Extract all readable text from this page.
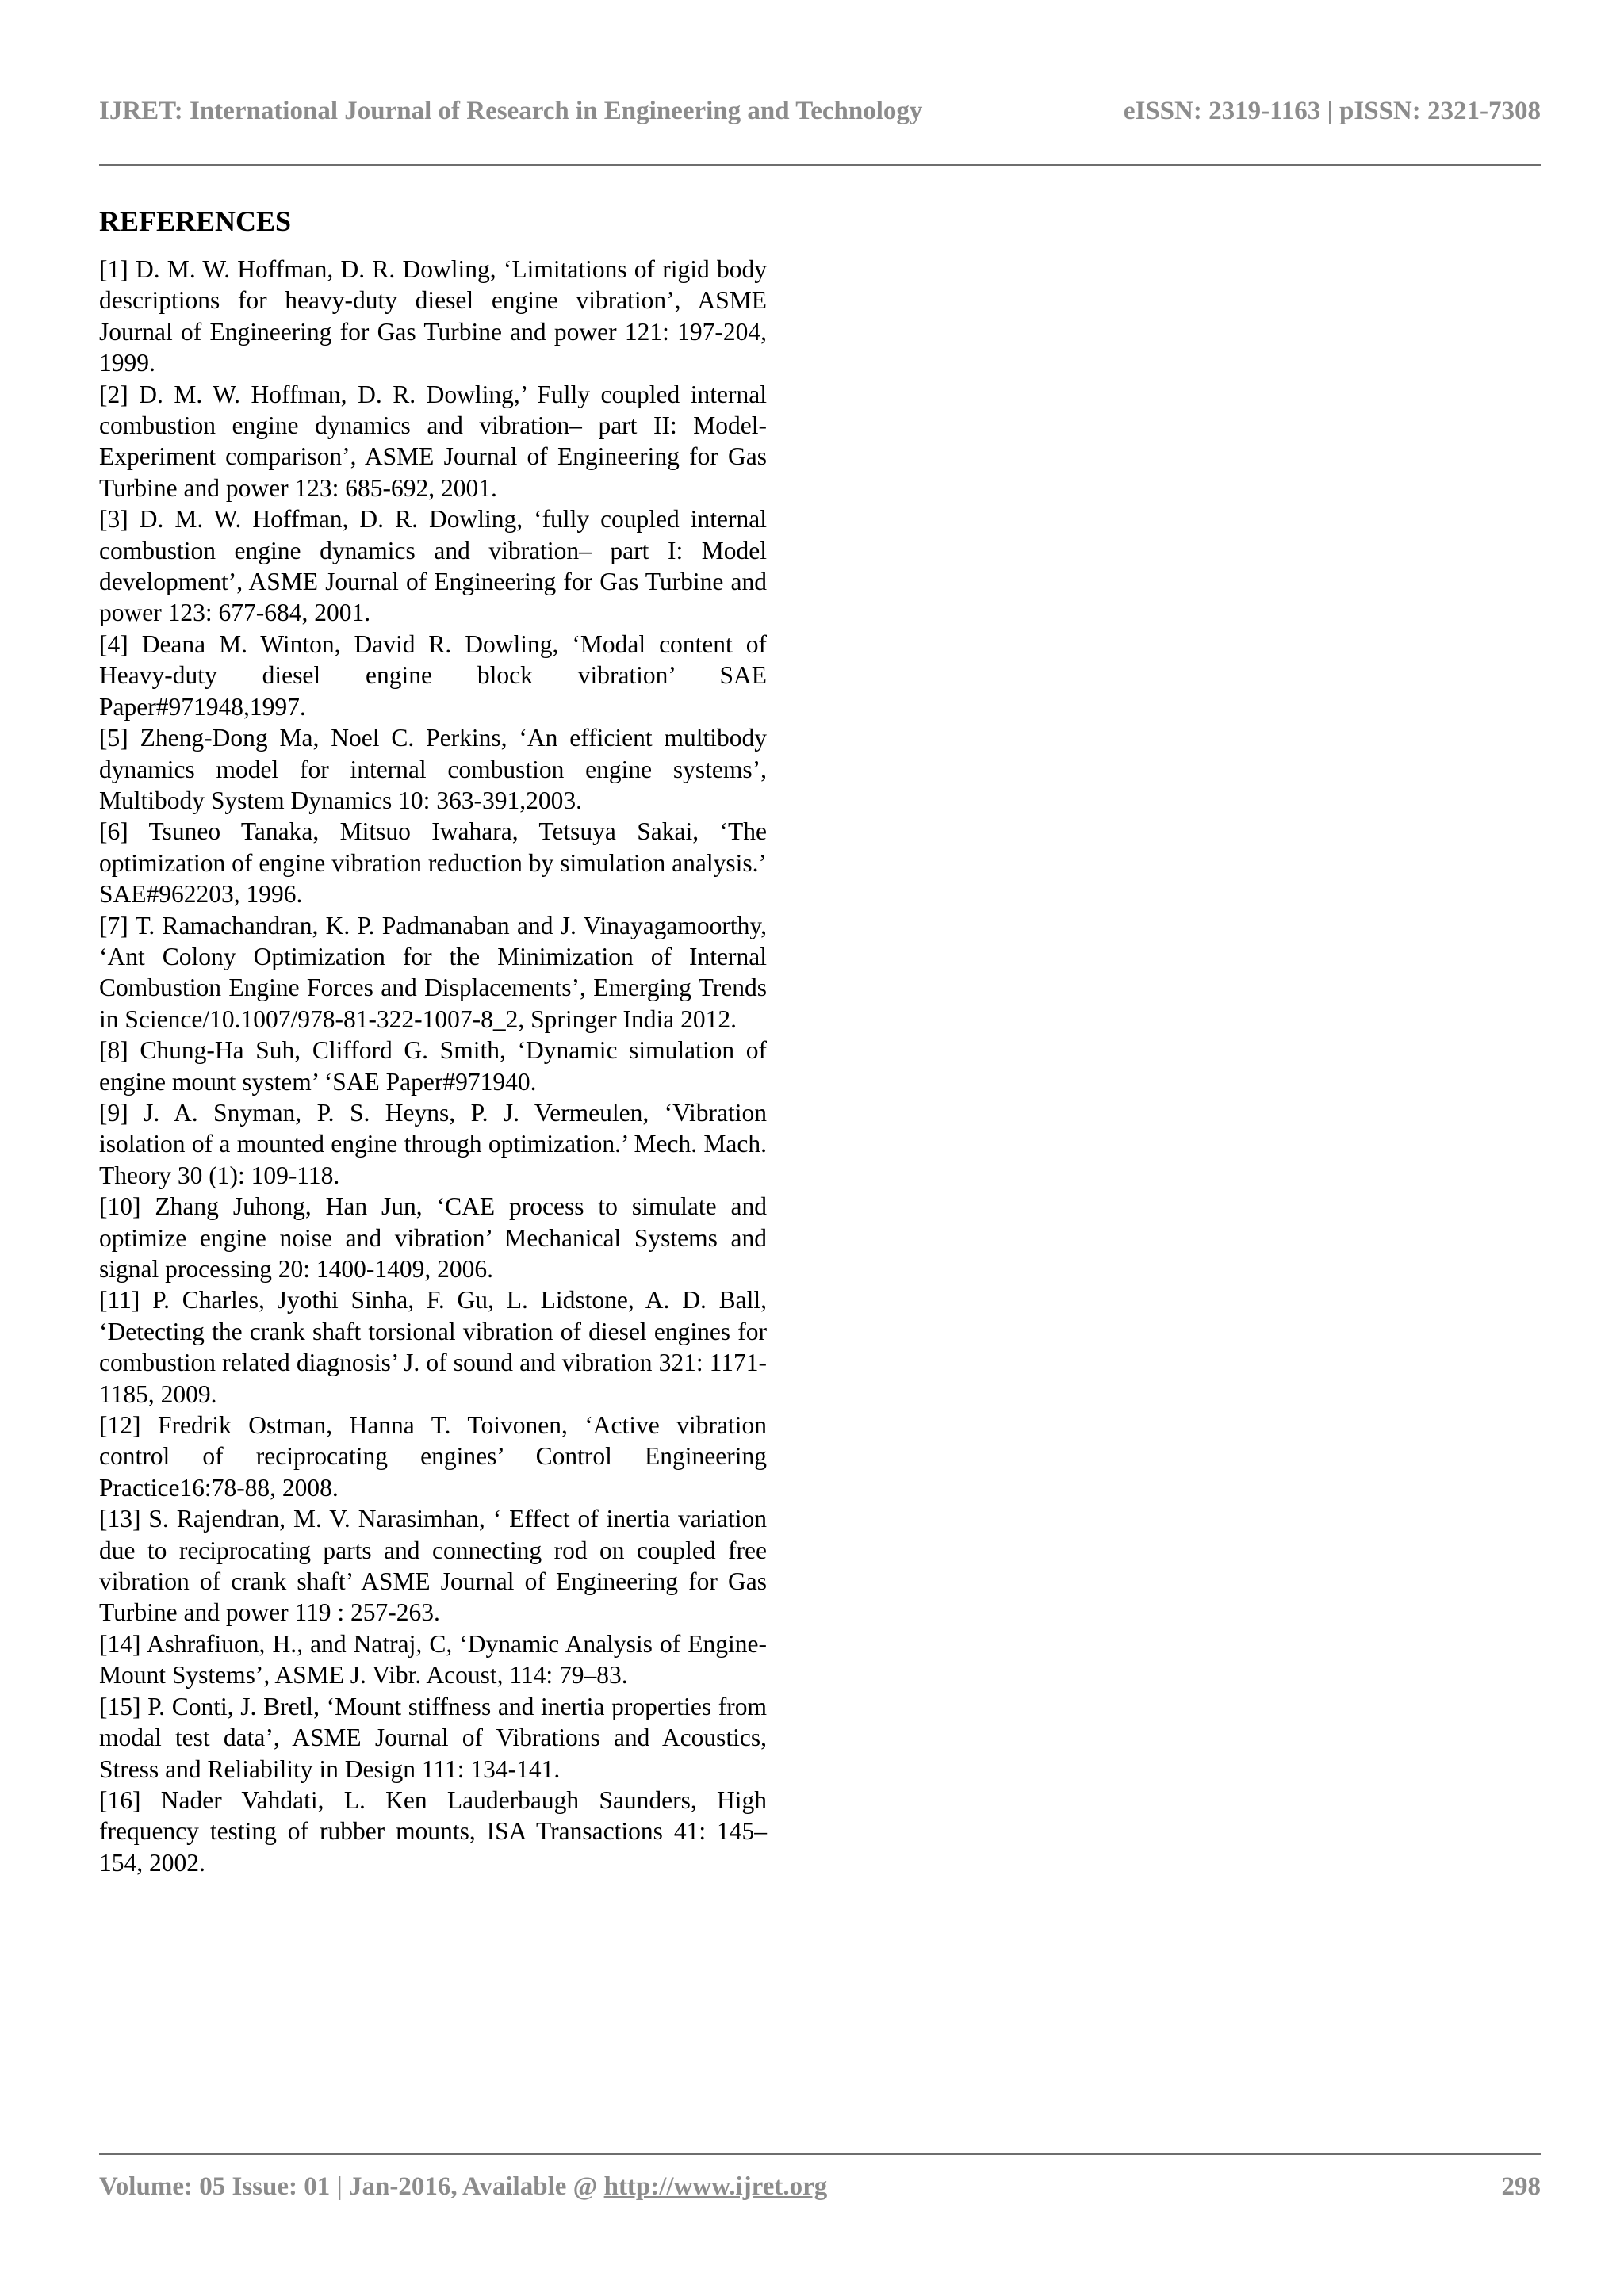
IJRET: International Journal of Research in Engineering and Technology	eISSN: 2319-1163 | pISSN: 2321-7308
REFERENCES

[1] D. M. W. Hoffman, D. R. Dowling, ‘Limitations of rigid body descriptions for heavy-duty diesel engine vibration’, ASME Journal of Engineering for Gas Turbine and power 121: 197-204, 1999.

[2] D. M. W. Hoffman, D. R. Dowling,’ Fully coupled internal combustion engine dynamics and vibration– part II: Model-Experiment comparison’, ASME Journal of Engineering for Gas Turbine and power 123: 685-692, 2001.

[3] D. M. W. Hoffman, D. R. Dowling, ‘fully coupled internal combustion engine dynamics and vibration– part I: Model development’, ASME Journal of Engineering for Gas Turbine and power 123: 677-684, 2001.

[4] Deana M. Winton, David R. Dowling, ‘Modal content of Heavy-duty diesel engine block vibration’ SAE Paper#971948,1997.

[5] Zheng-Dong Ma, Noel C. Perkins, ‘An efficient multibody dynamics model for internal combustion engine systems’, Multibody System Dynamics 10: 363-391,2003.

[6] Tsuneo Tanaka, Mitsuo Iwahara, Tetsuya Sakai, ‘The optimization of engine vibration reduction by simulation analysis.’ SAE#962203, 1996.

[7] T. Ramachandran, K. P. Padmanaban and J. Vinayagamoorthy, ‘Ant Colony Optimization for the Minimization of Internal Combustion Engine Forces and Displacements’, Emerging Trends in Science/10.1007/978-81-322-1007-8_2, Springer India 2012.

[8] Chung-Ha Suh, Clifford G. Smith, ‘Dynamic simulation of engine mount system’ ‘SAE Paper#971940.

[9] J. A. Snyman, P. S. Heyns, P. J. Vermeulen, ‘Vibration isolation of a mounted engine through optimization.’ Mech. Mach. Theory 30 (1): 109-118.

[10] Zhang Juhong, Han Jun, ‘CAE process to simulate and optimize engine noise and vibration’ Mechanical Systems and signal processing 20: 1400-1409, 2006.

[11] P. Charles, Jyothi Sinha, F. Gu, L. Lidstone, A. D. Ball, ‘Detecting the crank shaft torsional vibration of diesel engines for combustion related diagnosis’ J. of sound and vibration 321: 1171-1185, 2009.

[12] Fredrik Ostman, Hanna T. Toivonen, ‘Active vibration control of reciprocating engines’ Control Engineering Practice16:78-88, 2008.

[13] S. Rajendran, M. V. Narasimhan, ‘ Effect of inertia variation due to reciprocating parts and connecting rod on coupled free vibration of crank shaft’ ASME Journal of Engineering for Gas Turbine and power 119 : 257-263.

[14] Ashrafiuon, H., and Natraj, C, ‘Dynamic Analysis of Engine-Mount Systems’, ASME J. Vibr. Acoust, 114: 79–83.

[15] P. Conti, J. Bretl, ‘Mount stiffness and inertia properties from modal test data’, ASME Journal of Vibrations and Acoustics, Stress and Reliability in Design 111: 134-141.

[16] Nader Vahdati, L. Ken Lauderbaugh Saunders, High frequency testing of rubber mounts, ISA Transactions 41: 145–154, 2002.

Volume: 05 Issue: 01 | Jan-2016, Available @ http://www.ijret.org	298
